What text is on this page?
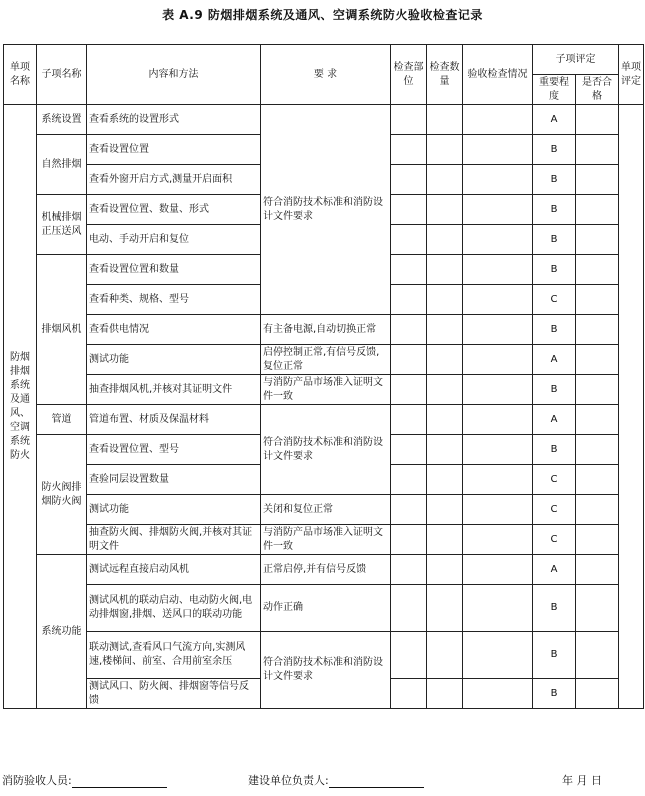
表 A.9 防烟排烟系统及通风、空调系统防火验收检查记录
单项名称	子项名称	内容和方法	要 求	检查部位	检查数量	验收检查情况	子项评定		单项评定
							重要程度	是否合格	
防烟排烟系统及通风、空调系统防火	系统设置	查看系统的设置形式	符合消防技术标准和消防设计文件要求				A		
	自然排烟	查看设置位置					B		
		查看外窗开启方式,测量开启面积					B		
	机械排烟正压送风	查看设置位置、数量、形式					B		
		电动、手动开启和复位					B		
	排烟风机	查看设置位置和数量					B		
		查看种类、规格、型号					C		
		查看供电情况	有主备电源,自动切换正常				B		
		测试功能	启停控制正常,有信号反馈,复位正常				A		
		抽查排烟风机,并核对其证明文件	与消防产品市场准入证明文件一致				B		
	管道	管道布置、材质及保温材料	符合消防技术标准和消防设计文件要求				A		
	防火阀排烟防火阀	查看设置位置、型号					B		
		查验同层设置数量					C		
		测试功能	关闭和复位正常				C		
		抽查防火阀、排烟防火阀,并核对其证明文件	与消防产品市场准入证明文件一致				C		
	系统功能	测试远程直接启动风机	正常启停,并有信号反馈				A		
		测试风机的联动启动、电动防火阀,电动排烟窗,排烟、送风口的联动功能	动作正确				B		
		联动测试,查看风口气流方向,实测风速,楼梯间、前室、合用前室余压	符合消防技术标准和消防设计文件要求				B		
		测试风口、防火阀、排烟窗等信号反馈					B		
消防验收人员:	建设单位负责人:	年 月 日
